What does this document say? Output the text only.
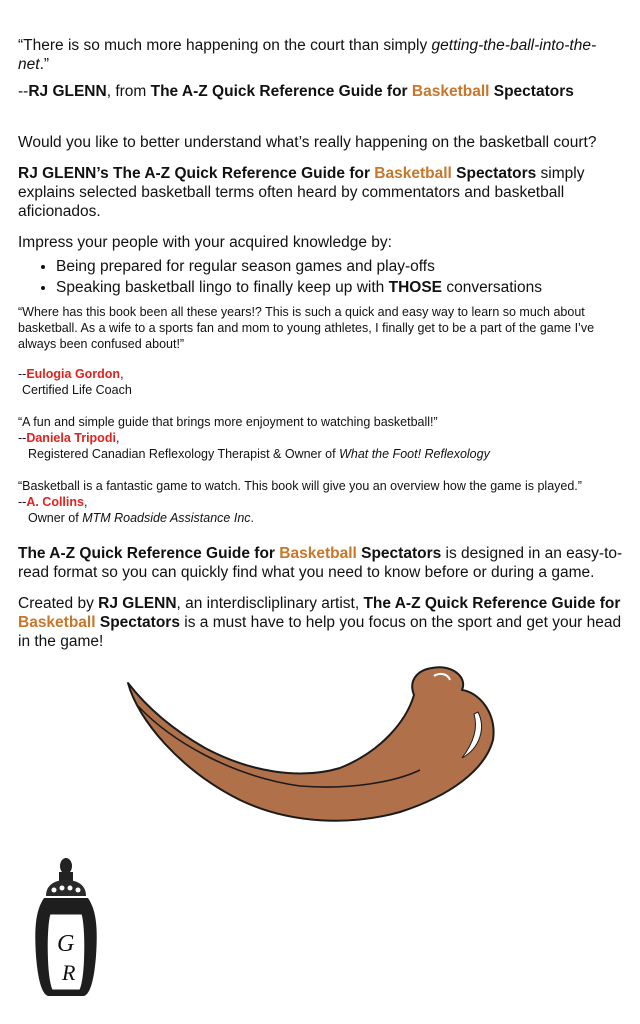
“There is so much more happening on the court than simply getting-the-ball-into-the-net.”

--RJ GLENN, from The A-Z Quick Reference Guide for Basketball Spectators

Would you like to better understand what’s really happening on the basketball court?

RJ GLENN’s The A-Z Quick Reference Guide for Basketball Spectators simply explains selected basketball terms often heard by commentators and basketball aficionados.

Impress your people with your acquired knowledge by:

• Being prepared for regular season games and play-offs
• Speaking basketball lingo to finally keep up with THOSE conversations

“Where has this book been all these years!? This is such a quick and easy way to learn so much about basketball. As a wife to a sports fan and mom to young athletes, I finally get to be a part of the game I’ve always been confused about!”

--Eulogia Gordon,

Certified Life Coach

“A fun and simple guide that brings more enjoyment to watching basketball!”

--Daniela Tripodi,

Registered Canadian Reflexology Therapist & Owner of What the Foot! Reflexology

“Basketball is a fantastic game to watch. This book will give you an overview how the game is played.”

--A. Collins,

Owner of MTM Roadside Assistance Inc.

The A-Z Quick Reference Guide for Basketball Spectators is designed in an easy-to-read format so you can quickly find what you need to know before or during a game.

Created by RJ GLENN, an interdiscliplinary artist, The A-Z Quick Reference Guide for Basketball Spectators is a must have to help you focus on the sport and get your head in the game!

G
R
